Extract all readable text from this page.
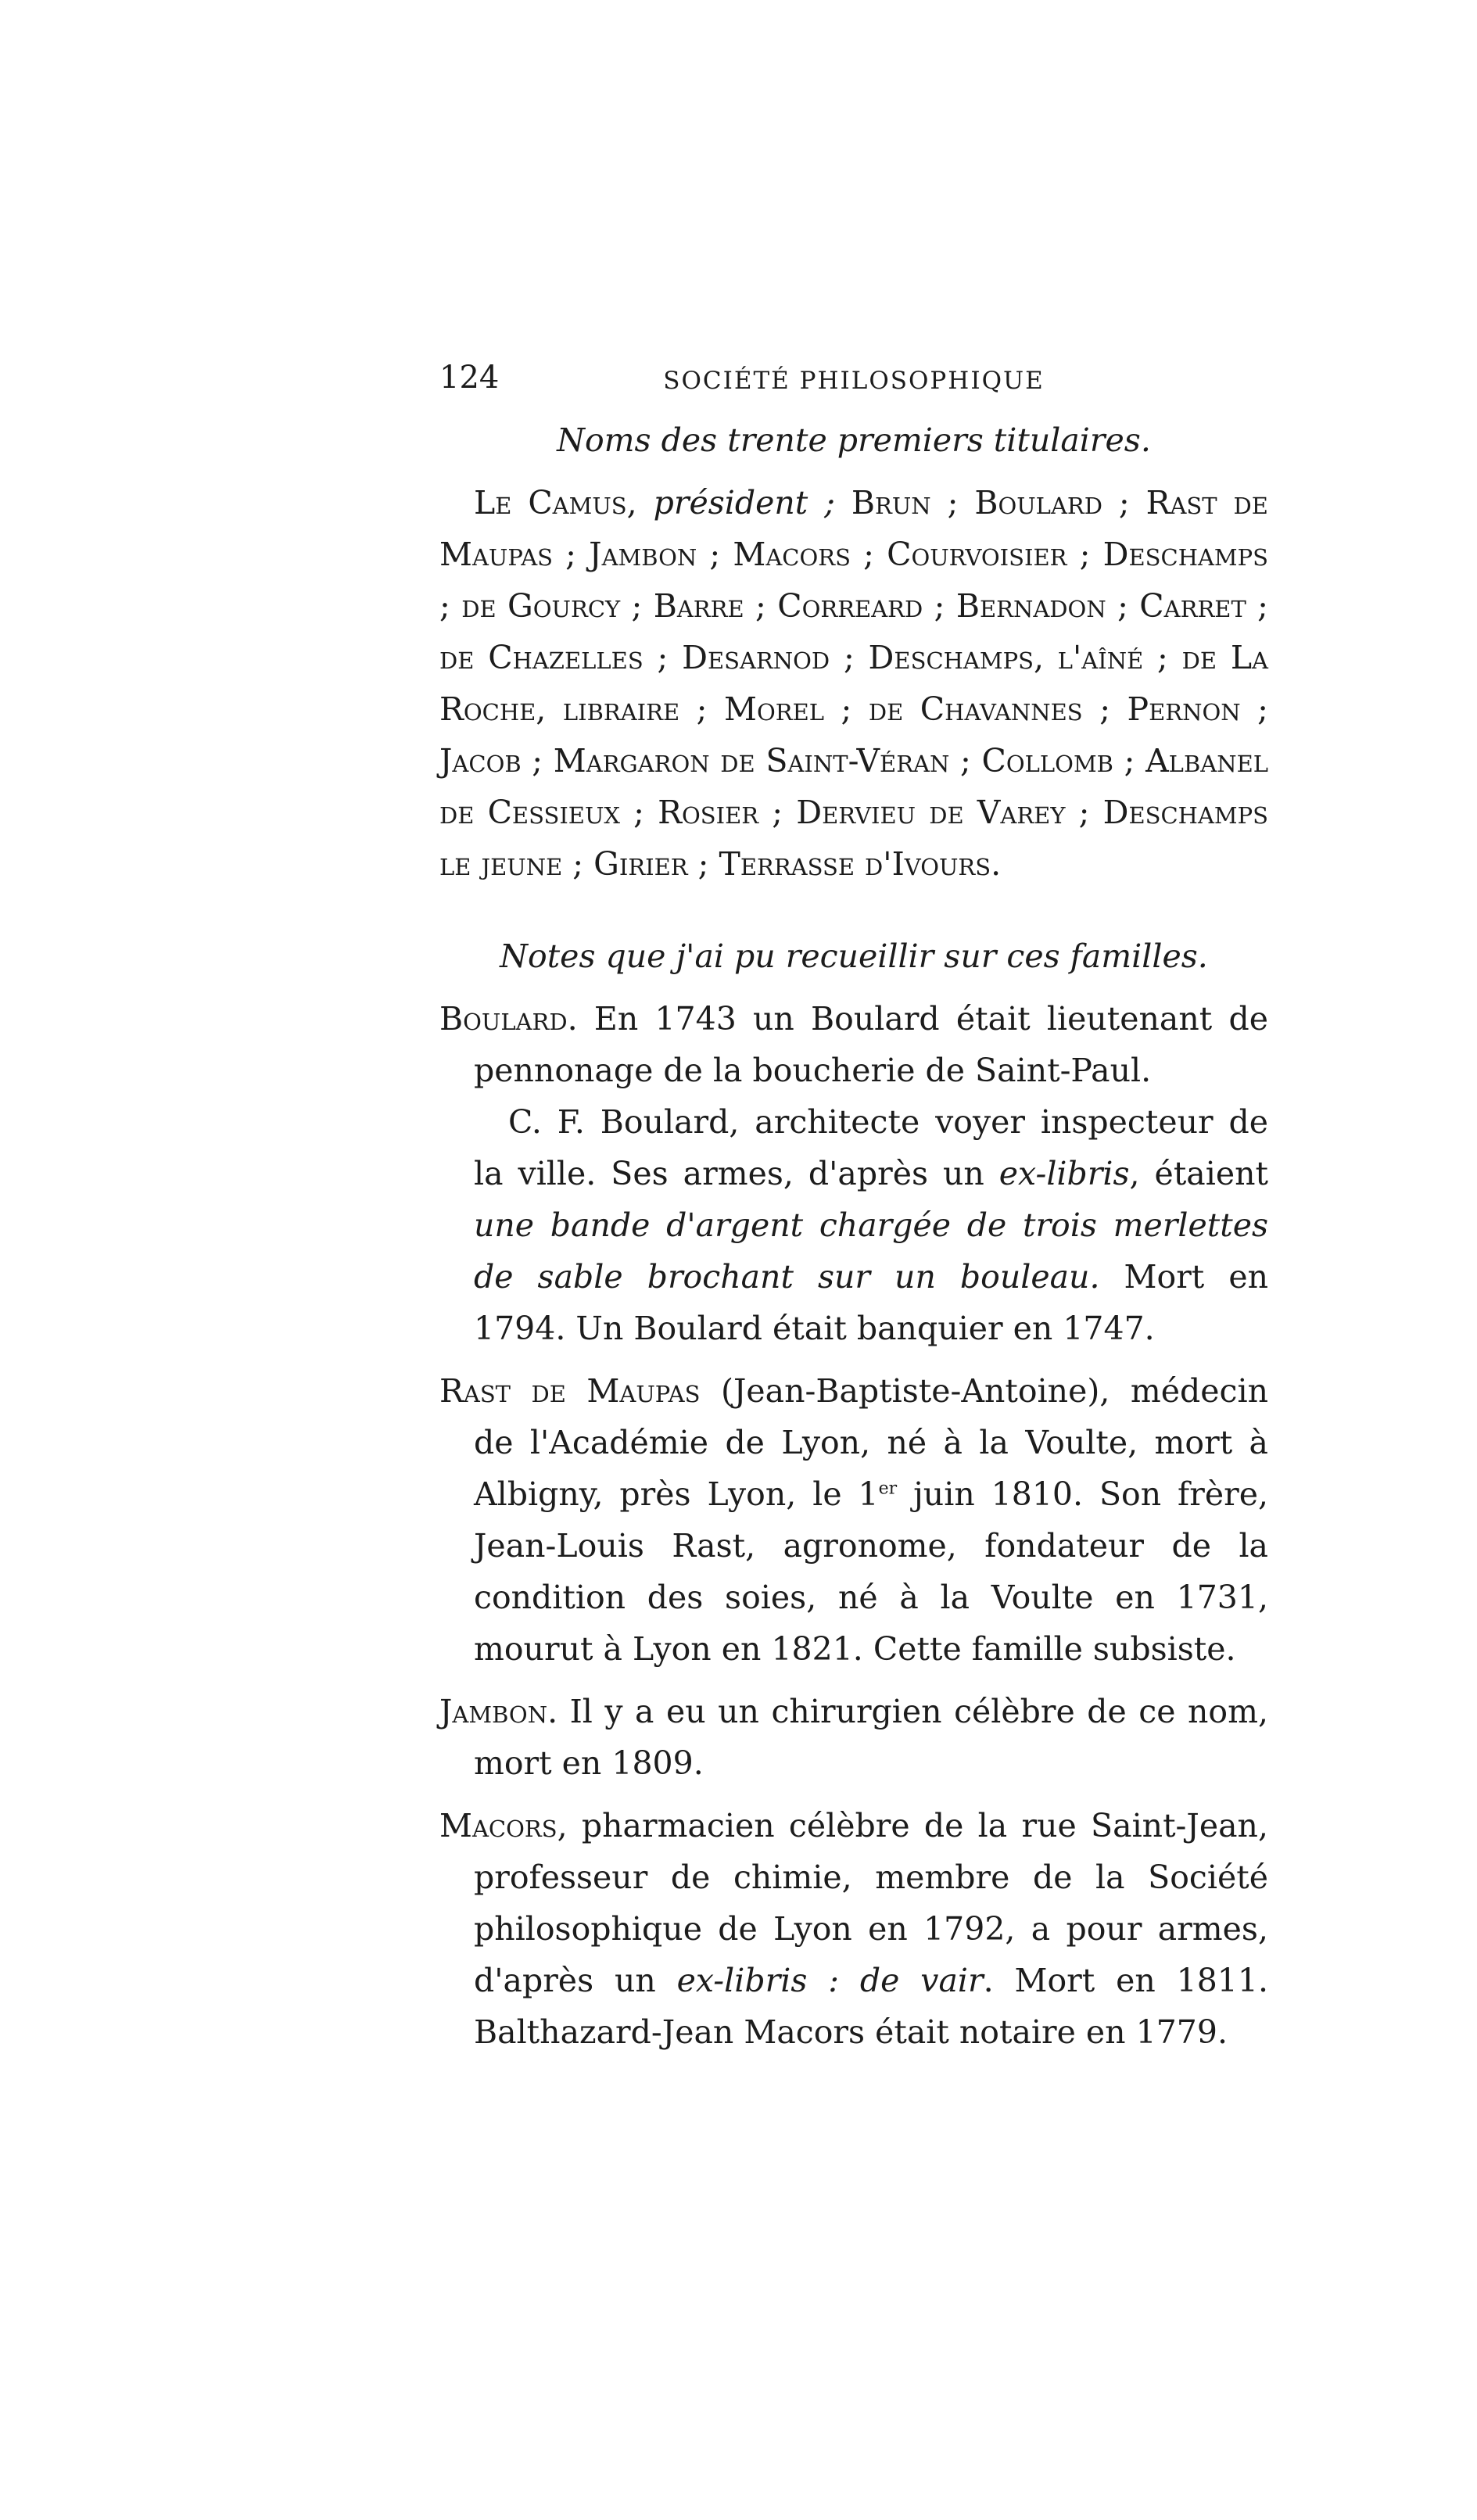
124	SOCIÉTÉ PHILOSOPHIQUE

Noms des trente premiers titulaires.

Le Camus, président ; Brun ; Boulard ; Rast de Maupas ; Jambon ; Macors ; Courvoisier ; Deschamps ; de Gourcy ; Barre ; Correard ; Bernadon ; Carret ; de Chazelles ; Desarnod ; Deschamps, l'aîné ; de La Roche, libraire ; Morel ; de Chavannes ; Pernon ; Jacob ; Margaron de Saint-Véran ; Collomb ; Albanel de Cessieux ; Rosier ; Dervieu de Varey ; Deschamps le jeune ; Girier ; Terrasse d'Ivours.

Notes que j'ai pu recueillir sur ces familles.

Boulard. En 1743 un Boulard était lieutenant de pennonage de la boucherie de Saint-Paul.

C. F. Boulard, architecte voyer inspecteur de la ville. Ses armes, d'après un ex-libris, étaient une bande d'argent chargée de trois merlettes de sable brochant sur un bouleau. Mort en 1794. Un Boulard était banquier en 1747.

Rast de Maupas (Jean-Baptiste-Antoine), médecin de l'Académie de Lyon, né à la Voulte, mort à Albigny, près Lyon, le 1er juin 1810. Son frère, Jean-Louis Rast, agronome, fondateur de la condition des soies, né à la Voulte en 1731, mourut à Lyon en 1821. Cette famille subsiste.

Jambon. Il y a eu un chirurgien célèbre de ce nom, mort en 1809.

Macors, pharmacien célèbre de la rue Saint-Jean, professeur de chimie, membre de la Société philosophique de Lyon en 1792, a pour armes, d'après un ex-libris : de vair. Mort en 1811. Balthazard-Jean Macors était notaire en 1779.
